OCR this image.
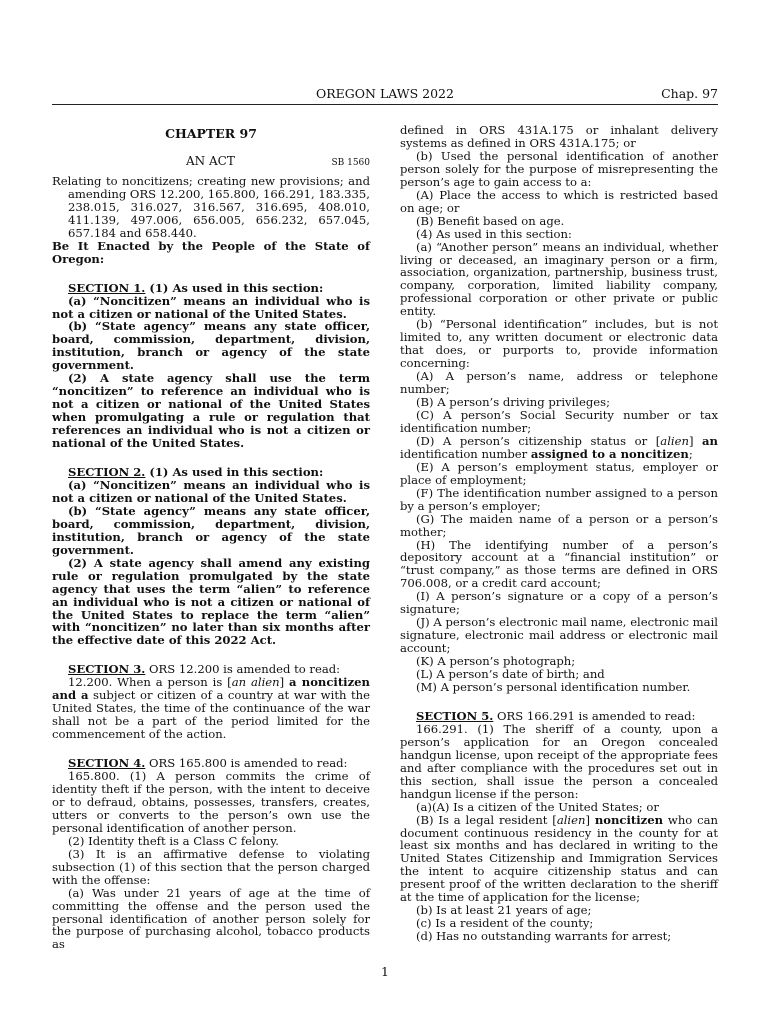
OREGON LAWS 2022	Chap. 97

CHAPTER 97

AN ACT	SB 1560

Relating to noncitizens; creating new provisions; and amending ORS 12.200, 165.800, 166.291, 183.335, 238.015, 316.027, 316.567, 316.695, 408.010, 411.139, 497.006, 656.005, 656.232, 657.045, 657.184 and 658.440.

Be It Enacted by the People of the State of Oregon:

SECTION 1. (1) As used in this section:

(a) “Noncitizen” means an individual who is not a citizen or national of the United States.

(b) “State agency” means any state officer, board, commission, department, division, institution, branch or agency of the state government.

(2) A state agency shall use the term “noncitizen” to reference an individual who is not a citizen or national of the United States when promulgating a rule or regulation that references an individual who is not a citizen or national of the United States.

SECTION 2. (1) As used in this section:

(a) “Noncitizen” means an individual who is not a citizen or national of the United States.

(b) “State agency” means any state officer, board, commission, department, division, institution, branch or agency of the state government.

(2) A state agency shall amend any existing rule or regulation promulgated by the state agency that uses the term “alien” to reference an individual who is not a citizen or national of the United States to replace the term “alien” with “noncitizen” no later than six months after the effective date of this 2022 Act.

SECTION 3. ORS 12.200 is amended to read:

12.200. When a person is [an alien] a noncitizen and a subject or citizen of a country at war with the United States, the time of the continuance of the war shall not be a part of the period limited for the commencement of the action.

SECTION 4. ORS 165.800 is amended to read:

165.800. (1) A person commits the crime of identity theft if the person, with the intent to deceive or to defraud, obtains, possesses, transfers, creates, utters or converts to the person’s own use the personal identification of another person.

(2) Identity theft is a Class C felony.

(3) It is an affirmative defense to violating subsection (1) of this section that the person charged with the offense:

(a) Was under 21 years of age at the time of committing the offense and the person used the personal identification of another person solely for the purpose of purchasing alcohol, tobacco products as

defined in ORS 431A.175 or inhalant delivery systems as defined in ORS 431A.175; or

(b) Used the personal identification of another person solely for the purpose of misrepresenting the person’s age to gain access to a:

(A) Place the access to which is restricted based on age; or

(B) Benefit based on age.

(4) As used in this section:

(a) “Another person” means an individual, whether living or deceased, an imaginary person or a firm, association, organization, partnership, business trust, company, corporation, limited liability company, professional corporation or other private or public entity.

(b) “Personal identification” includes, but is not limited to, any written document or electronic data that does, or purports to, provide information concerning:

(A) A person’s name, address or telephone number;

(B) A person’s driving privileges;

(C) A person’s Social Security number or tax identification number;

(D) A person’s citizenship status or [alien] an identification number assigned to a noncitizen;

(E) A person’s employment status, employer or place of employment;

(F) The identification number assigned to a person by a person’s employer;

(G) The maiden name of a person or a person’s mother;

(H) The identifying number of a person’s depository account at a “financial institution” or “trust company,” as those terms are defined in ORS 706.008, or a credit card account;

(I) A person’s signature or a copy of a person’s signature;

(J) A person’s electronic mail name, electronic mail signature, electronic mail address or electronic mail account;

(K) A person’s photograph;

(L) A person’s date of birth; and

(M) A person’s personal identification number.

SECTION 5. ORS 166.291 is amended to read:

166.291. (1) The sheriff of a county, upon a person’s application for an Oregon concealed handgun license, upon receipt of the appropriate fees and after compliance with the procedures set out in this section, shall issue the person a concealed handgun license if the person:

(a)(A) Is a citizen of the United States; or

(B) Is a legal resident [alien] noncitizen who can document continuous residency in the county for at least six months and has declared in writing to the United States Citizenship and Immigration Services the intent to acquire citizenship status and can present proof of the written declaration to the sheriff at the time of application for the license;

(b) Is at least 21 years of age;

(c) Is a resident of the county;

(d) Has no outstanding warrants for arrest;

1
